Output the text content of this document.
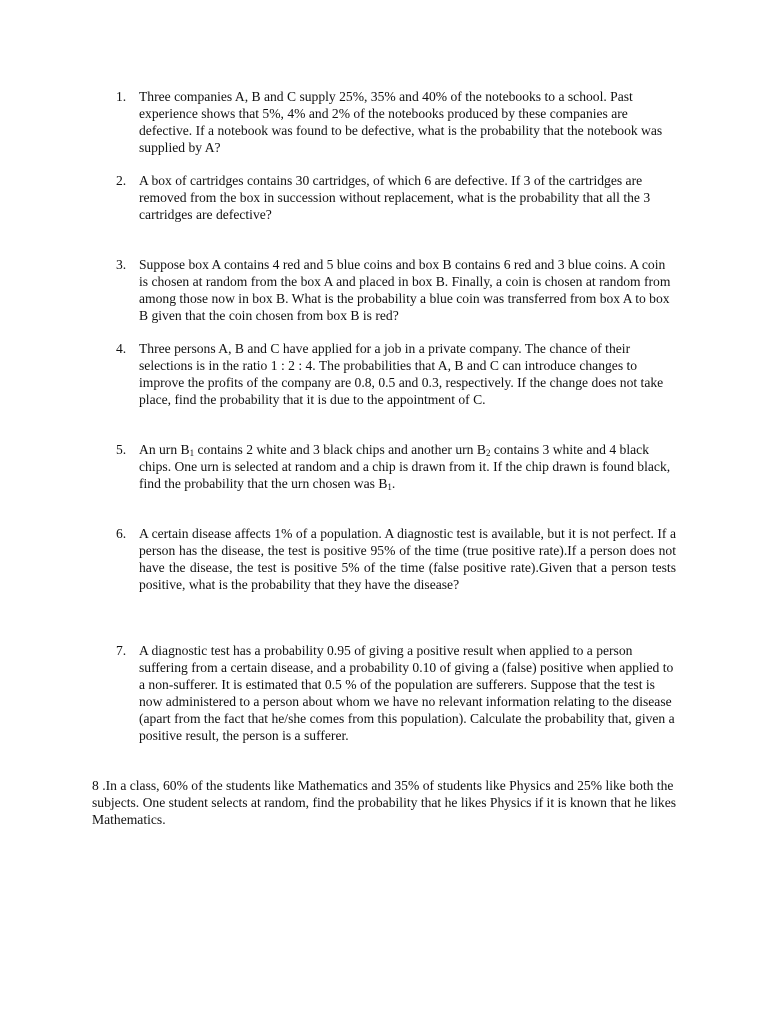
1. Three companies A, B and C supply 25%, 35% and 40% of the notebooks to a school. Past experience shows that 5%, 4% and 2% of the notebooks produced by these companies are defective. If a notebook was found to be defective, what is the probability that the notebook was supplied by A?
2. A box of cartridges contains 30 cartridges, of which 6 are defective. If 3 of the cartridges are removed from the box in succession without replacement, what is the probability that all the 3 cartridges are defective?
3. Suppose box A contains 4 red and 5 blue coins and box B contains 6 red and 3 blue coins. A coin is chosen at random from the box A and placed in box B. Finally, a coin is chosen at random from among those now in box B. What is the probability a blue coin was transferred from box A to box B given that the coin chosen from box B is red?
4. Three persons A, B and C have applied for a job in a private company. The chance of their selections is in the ratio 1 : 2 : 4. The probabilities that A, B and C can introduce changes to improve the profits of the company are 0.8, 0.5 and 0.3, respectively. If the change does not take place, find the probability that it is due to the appointment of C.
5. An urn $B_1$ contains 2 white and 3 black chips and another urn $B_2$ contains 3 white and 4 black chips. One urn is selected at random and a chip is drawn from it. If the chip drawn is found black, find the probability that the urn chosen was $B_1$.
6. A certain disease affects 1% of a population. A diagnostic test is available, but it is not perfect. If a person has the disease, the test is positive 95% of the time (true positive rate).If a person does not have the disease, the test is positive 5% of the time (false positive rate).Given that a person tests positive, what is the probability that they have the disease?
7. A diagnostic test has a probability 0.95 of giving a positive result when applied to a person suffering from a certain disease, and a probability 0.10 of giving a (false) positive when applied to a non-sufferer. It is estimated that 0.5 % of the population are sufferers. Suppose that the test is now administered to a person about whom we have no relevant information relating to the disease (apart from the fact that he/she comes from this population). Calculate the probability that, given a positive result, the person is a sufferer.
8 .In a class, 60% of the students like Mathematics and 35% of students like Physics and 25% like both the subjects. One student selects at random, find the probability that he likes Physics if it is known that he likes Mathematics.
